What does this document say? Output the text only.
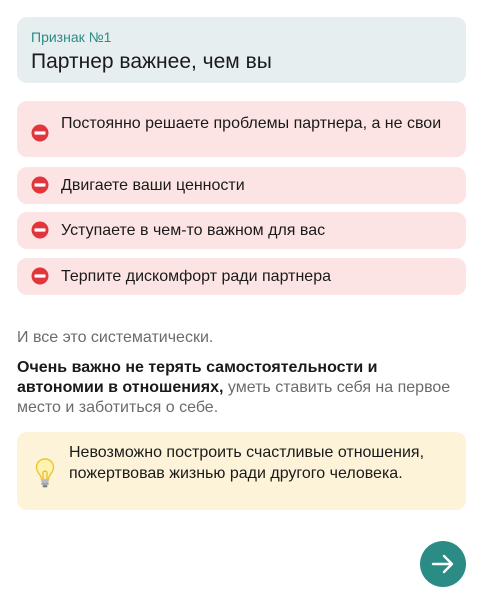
Признак №1
Партнер важнее, чем вы
Постоянно решаете проблемы партнера, а не свои
Двигаете ваши ценности
Уступаете в чем-то важном для вас
Терпите дискомфорт ради партнера
И все это систематически.
Очень важно не терять самостоятельности и автономии в отношениях, уметь ставить себя на первое место и заботиться о себе.
Невозможно построить счастливые отношения, пожертвовав жизнью ради другого человека.
